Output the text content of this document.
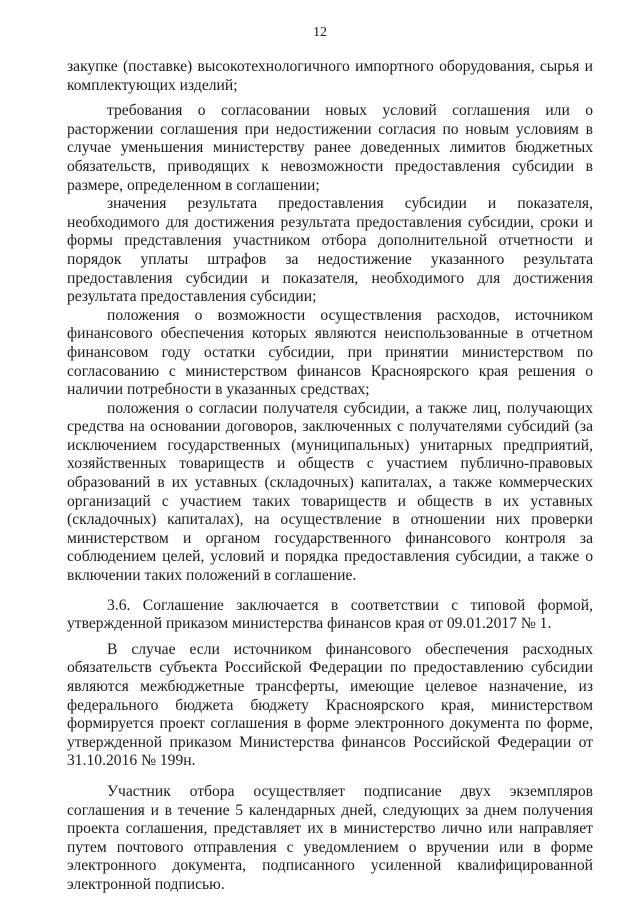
12

закупке (поставке) высокотехнологичного импортного оборудования, сырья и комплектующих изделий;

требования о согласовании новых условий соглашения или о расторжении соглашения при недостижении согласия по новым условиям в случае уменьшения министерству ранее доведенных лимитов бюджетных обязательств, приводящих к невозможности предоставления субсидии в размере, определенном в соглашении;

значения результата предоставления субсидии и показателя, необходимого для достижения результата предоставления субсидии, сроки и формы представления участником отбора дополнительной отчетности и порядок уплаты штрафов за недостижение указанного результата предоставления субсидии и показателя, необходимого для достижения результата предоставления субсидии;

положения о возможности осуществления расходов, источником финансового обеспечения которых являются неиспользованные в отчетном финансовом году остатки субсидии, при принятии министерством по согласованию с министерством финансов Красноярского края решения о наличии потребности в указанных средствах;

положения о согласии получателя субсидии, а также лиц, получающих средства на основании договоров, заключенных с получателями субсидий (за исключением государственных (муниципальных) унитарных предприятий, хозяйственных товариществ и обществ с участием публично-правовых образований в их уставных (складочных) капиталах, а также коммерческих организаций с участием таких товариществ и обществ в их уставных (складочных) капиталах), на осуществление в отношении них проверки министерством и органом государственного финансового контроля за соблюдением целей, условий и порядка предоставления субсидии, а также о включении таких положений в соглашение.

3.6. Соглашение заключается в соответствии с типовой формой, утвержденной приказом министерства финансов края от 09.01.2017 № 1.

В случае если источником финансового обеспечения расходных обязательств субъекта Российской Федерации по предоставлению субсидии являются межбюджетные трансферты, имеющие целевое назначение, из федерального бюджета бюджету Красноярского края, министерством формируется проект соглашения в форме электронного документа по форме, утвержденной приказом Министерства финансов Российской Федерации от 31.10.2016 № 199н.

Участник отбора осуществляет подписание двух экземпляров соглашения и в течение 5 календарных дней, следующих за днем получения проекта соглашения, представляет их в министерство лично или направляет путем почтового отправления с уведомлением о вручении или в форме электронного документа, подписанного усиленной квалифицированной электронной подписью.
